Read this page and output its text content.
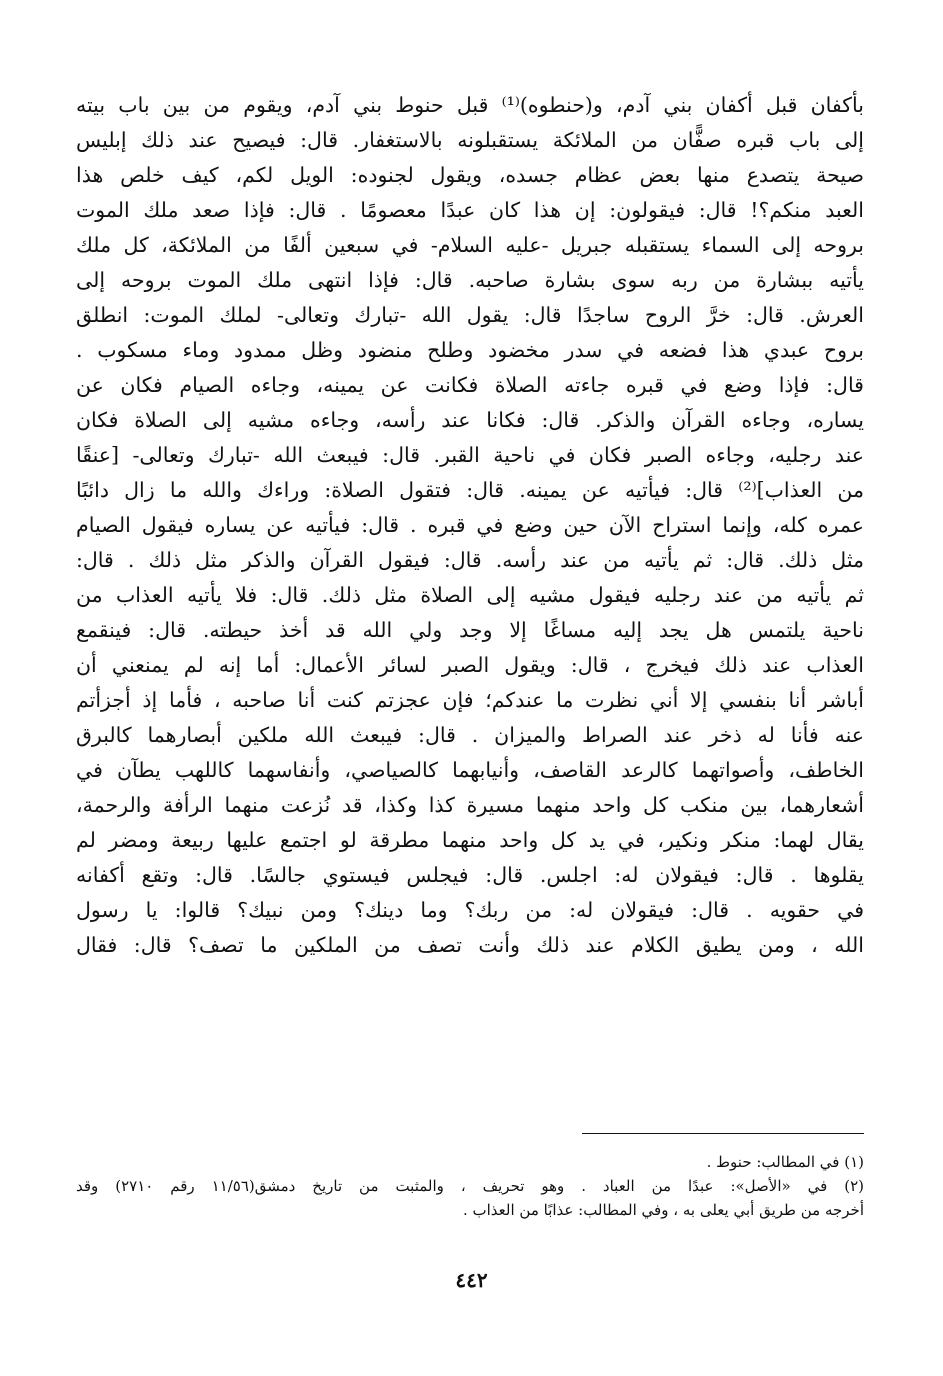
بأكفان قبل أكفان بني آدم، و(حنطوه)⁽¹⁾ قبل حنوط بني آدم، ويقوم من بين باب بيته
إلى باب قبره صفًّان من الملائكة يستقبلونه بالاستغفار. قال: فيصيح عند ذلك إبليس
صيحة يتصدع منها بعض عظام جسده، ويقول لجنوده: الويل لكم، كيف خلص هذا
العبد منكم؟! قال: فيقولون: إن هذا كان عبدًا معصومًا . قال: فإذا صعد ملك الموت
بروحه إلى السماء يستقبله جبريل -عليه السلام- في سبعين ألفًا من الملائكة، كل ملك
يأتيه ببشارة من ربه سوى بشارة صاحبه. قال: فإذا انتهى ملك الموت بروحه إلى
العرش. قال: خرَّ الروح ساجدًا قال: يقول الله -تبارك وتعالى- لملك الموت: انطلق
بروح عبدي هذا فضعه في سدر مخضود وطلح منضود وظل ممدود وماء مسكوب .
قال: فإذا وضع في قبره جاءته الصلاة فكانت عن يمينه، وجاءه الصيام فكان عن
يساره، وجاءه القرآن والذكر. قال: فكانا عند رأسه، وجاءه مشيه إلى الصلاة فكان
عند رجليه، وجاءه الصبر فكان في ناحية القبر. قال: فيبعث الله -تبارك وتعالى- [عنقًا
من العذاب]⁽²⁾ قال: فيأتيه عن يمينه. قال: فتقول الصلاة: وراءك والله ما زال دائبًا
عمره كله، وإنما استراح الآن حين وضع في قبره . قال: فيأتيه عن يساره فيقول الصيام
مثل ذلك. قال: ثم يأتيه من عند رأسه. قال: فيقول القرآن والذكر مثل ذلك . قال:
ثم يأتيه من عند رجليه فيقول مشيه إلى الصلاة مثل ذلك. قال: فلا يأتيه العذاب من
ناحية يلتمس هل يجد إليه مساغًا إلا وجد ولي الله قد أخذ حيطته. قال: فينقمع
العذاب عند ذلك فيخرج ، قال: ويقول الصبر لسائر الأعمال: أما إنه لم يمنعني أن
أباشر أنا بنفسي إلا أني نظرت ما عندكم؛ فإن عجزتم كنت أنا صاحبه ، فأما إذ أجزأتم
عنه فأنا له ذخر عند الصراط والميزان . قال: فيبعث الله ملكين أبصارهما كالبرق
الخاطف، وأصواتهما كالرعد القاصف، وأنيابهما كالصياصي، وأنفاسهما كاللهب يطآن في
أشعارهما، بين منكب كل واحد منهما مسيرة كذا وكذا، قد نُزعت منهما الرأفة والرحمة،
يقال لهما: منكر ونكير، في يد كل واحد منهما مطرقة لو اجتمع عليها ربيعة ومضر لم
يقلوها . قال: فيقولان له: اجلس. قال: فيجلس فيستوي جالسًا. قال: وتقع أكفانه
في حقويه . قال: فيقولان له: من ربك؟ وما دينك؟ ومن نبيك؟ قالوا: يا رسول
الله ، ومن يطيق الكلام عند ذلك وأنت تصف من الملكين ما تصف؟ قال: فقال
(١) في المطالب: حنوط .
(٢) في «الأصل»: عبدًا من العباد . وهو تحريف ، والمثبت من تاريخ دمشق(١١/٥٦ رقم ٢٧١٠) وقد
أخرجه من طريق أبي يعلى به ، وفي المطالب: عذابًا من العذاب .
٤٤٢
